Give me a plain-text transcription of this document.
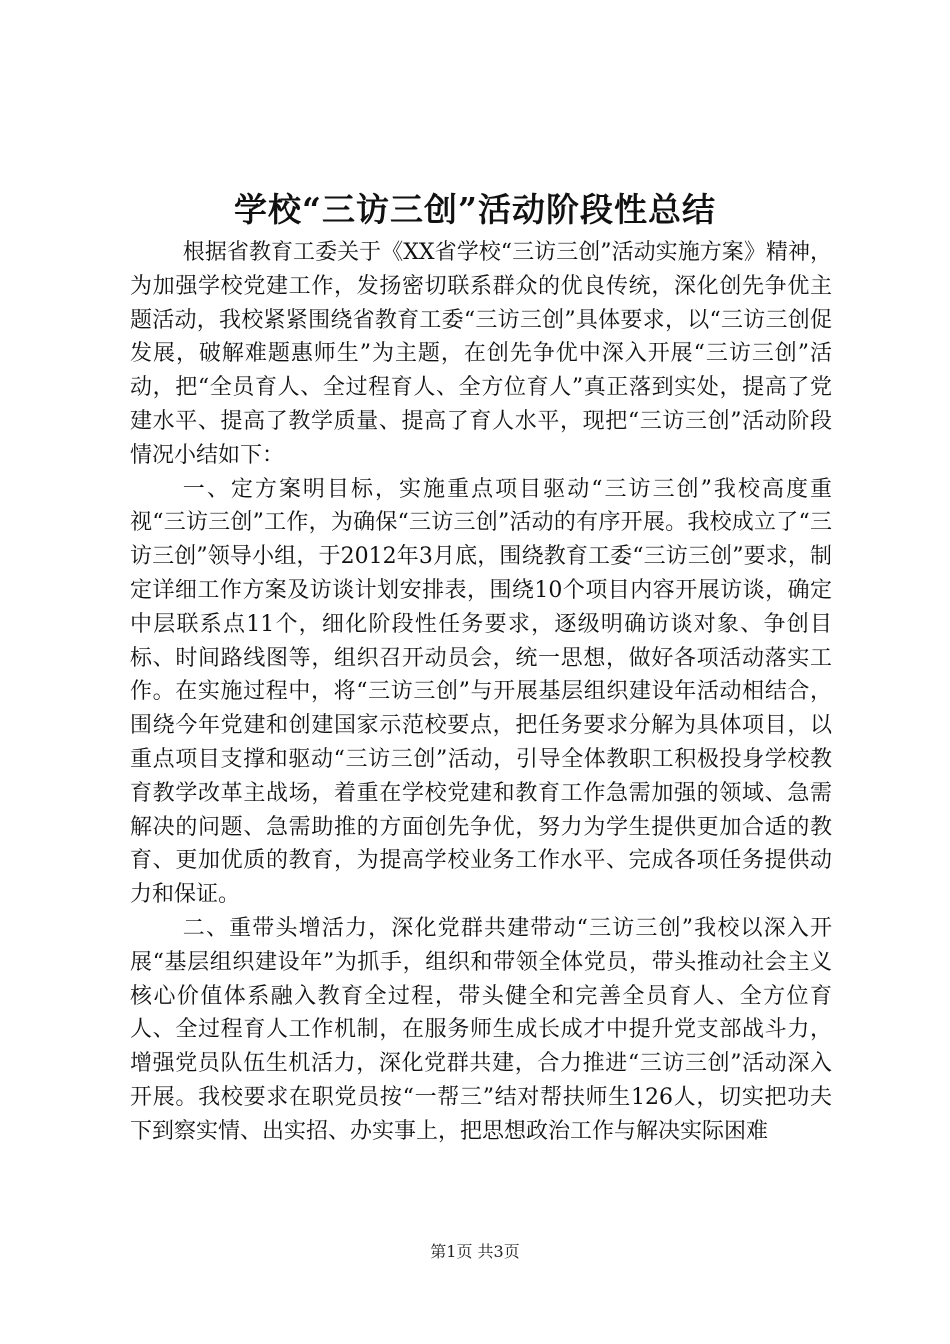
学校“三访三创”活动阶段性总结

根据省教育工委关于《XX省学校“三访三创”活动实施方案》精神，为加强学校党建工作，发扬密切联系群众的优良传统，深化创先争优主题活动，我校紧紧围绕省教育工委“三访三创”具体要求，以“三访三创促发展，破解难题惠师生”为主题，在创先争优中深入开展“三访三创”活动，把“全员育人、全过程育人、全方位育人”真正落到实处，提高了党建水平、提高了教学质量、提高了育人水平，现把“三访三创”活动阶段情况小结如下：

一、定方案明目标，实施重点项目驱动“三访三创”我校高度重视“三访三创”工作，为确保“三访三创”活动的有序开展。我校成立了“三访三创”领导小组，于2012年3月底，围绕教育工委“三访三创”要求，制定详细工作方案及访谈计划安排表，围绕10个项目内容开展访谈，确定中层联系点11个，细化阶段性任务要求，逐级明确访谈对象、争创目标、时间路线图等，组织召开动员会，统一思想，做好各项活动落实工作。在实施过程中，将“三访三创”与开展基层组织建设年活动相结合，围绕今年党建和创建国家示范校要点，把任务要求分解为具体项目，以重点项目支撑和驱动“三访三创”活动，引导全体教职工积极投身学校教育教学改革主战场，着重在学校党建和教育工作急需加强的领域、急需解决的问题、急需助推的方面创先争优，努力为学生提供更加合适的教育、更加优质的教育，为提高学校业务工作水平、完成各项任务提供动力和保证。

二、重带头增活力，深化党群共建带动“三访三创”我校以深入开展“基层组织建设年”为抓手，组织和带领全体党员，带头推动社会主义核心价值体系融入教育全过程，带头健全和完善全员育人、全方位育人、全过程育人工作机制，在服务师生成长成才中提升党支部战斗力，增强党员队伍生机活力，深化党群共建，合力推进“三访三创”活动深入开展。我校要求在职党员按“一帮三”结对帮扶师生126人，切实把功夫下到察实情、出实招、办实事上，把思想政治工作与解决实际困难

第1页 共3页
